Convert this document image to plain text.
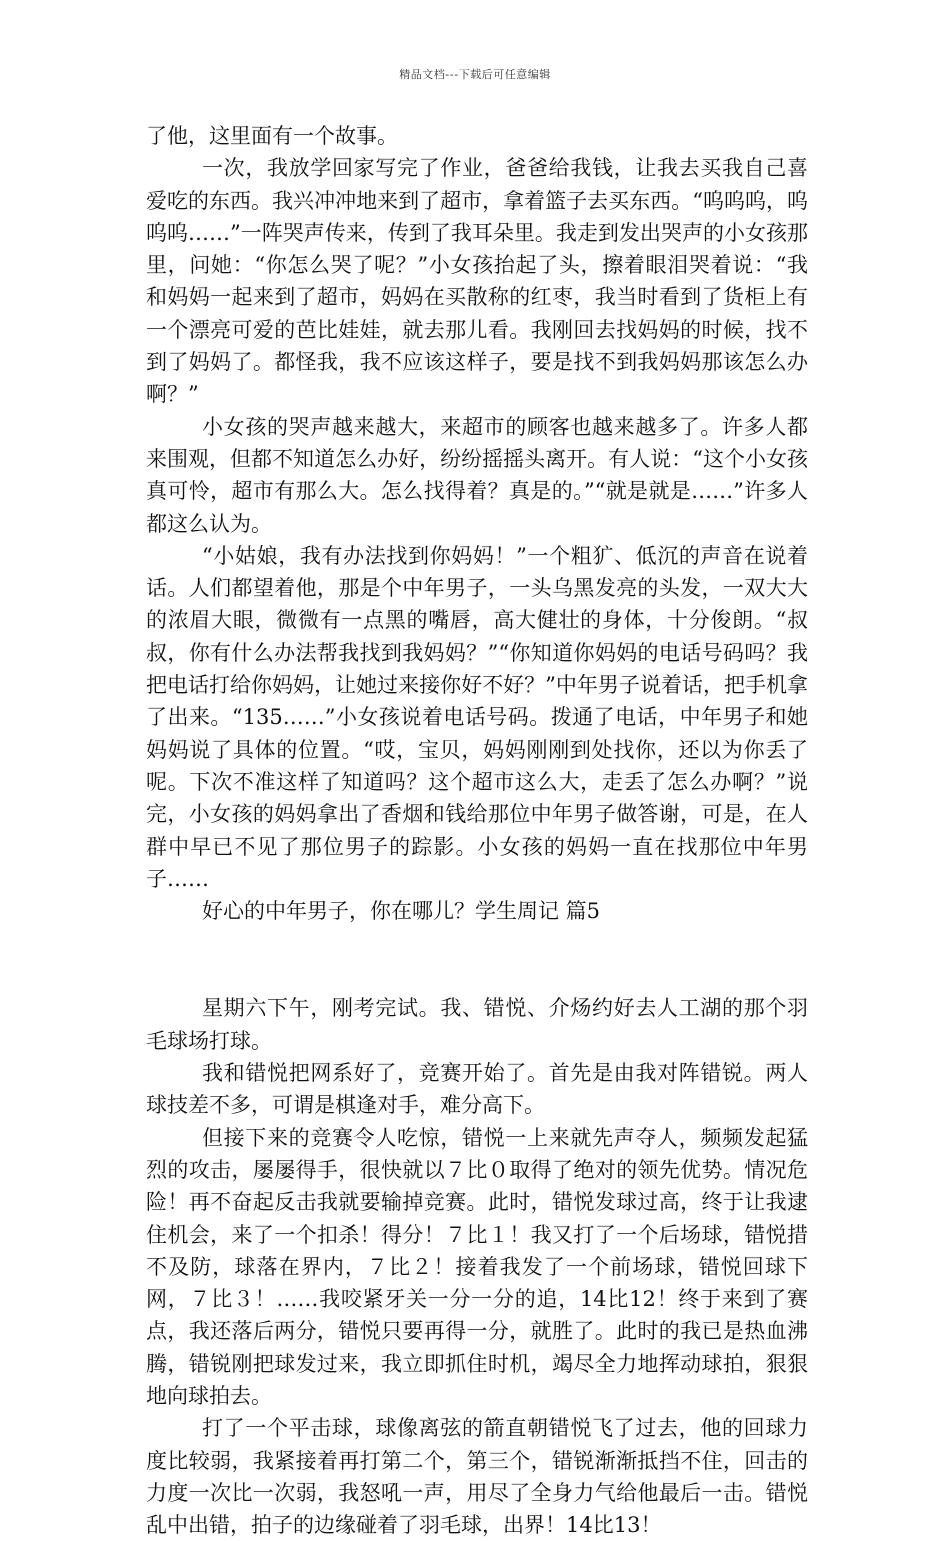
精品文档---下载后可任意编辑

了他，这里面有一个故事。

一次，我放学回家写完了作业，爸爸给我钱，让我去买我自己喜爱吃的东西。我兴冲冲地来到了超市，拿着篮子去买东西。“呜呜呜，呜呜呜……”一阵哭声传来，传到了我耳朵里。我走到发出哭声的小女孩那里，问她：“你怎么哭了呢？”小女孩抬起了头，擦着眼泪哭着说：“我和妈妈一起来到了超市，妈妈在买散称的红枣，我当时看到了货柜上有一个漂亮可爱的芭比娃娃，就去那儿看。我刚回去找妈妈的时候，找不到了妈妈了。都怪我，我不应该这样子，要是找不到我妈妈那该怎么办啊？”

小女孩的哭声越来越大，来超市的顾客也越来越多了。许多人都来围观，但都不知道怎么办好，纷纷摇摇头离开。有人说：“这个小女孩真可怜，超市有那么大。怎么找得着？真是的。”“就是就是……”许多人都这么认为。

“小姑娘，我有办法找到你妈妈！”一个粗犷、低沉的声音在说着话。人们都望着他，那是个中年男子，一头乌黑发亮的头发，一双大大的浓眉大眼，微微有一点黑的嘴唇，高大健壮的身体，十分俊朗。“叔叔，你有什么办法帮我找到我妈妈？”“你知道你妈妈的电话号码吗？我把电话打给你妈妈，让她过来接你好不好？”中年男子说着话，把手机拿了出来。“135……”小女孩说着电话号码。拨通了电话，中年男子和她妈妈说了具体的位置。“哎，宝贝，妈妈刚刚到处找你，还以为你丢了呢。下次不准这样了知道吗？这个超市这么大，走丢了怎么办啊？”说完，小女孩的妈妈拿出了香烟和钱给那位中年男子做答谢，可是，在人群中早已不见了那位男子的踪影。小女孩的妈妈一直在找那位中年男子……

好心的中年男子，你在哪儿？学生周记 篇5

星期六下午，刚考完试。我、错悦、介炀约好去人工湖的那个羽毛球场打球。

我和错悦把网系好了，竞赛开始了。首先是由我对阵错锐。两人球技差不多，可谓是棋逢对手，难分高下。

但接下来的竞赛令人吃惊，错悦一上来就先声夺人，频频发起猛烈的攻击，屡屡得手，很快就以７比０取得了绝对的领先优势。情况危险！再不奋起反击我就要输掉竞赛。此时，错悦发球过高，终于让我逮住机会，来了一个扣杀！得分！７比１！我又打了一个后场球，错悦措不及防，球落在界内，７比２！接着我发了一个前场球，错悦回球下网，７比３！……我咬紧牙关一分一分的追，14比12！终于来到了赛点，我还落后两分，错悦只要再得一分，就胜了。此时的我已是热血沸腾，错锐刚把球发过来，我立即抓住时机，竭尽全力地挥动球拍，狠狠地向球拍去。

打了一个平击球，球像离弦的箭直朝错悦飞了过去，他的回球力度比较弱，我紧接着再打第二个，第三个，错锐渐渐抵挡不住，回击的力度一次比一次弱，我怒吼一声，用尽了全身力气给他最后一击。错悦乱中出错，拍子的边缘碰着了羽毛球，出界！14比13！
